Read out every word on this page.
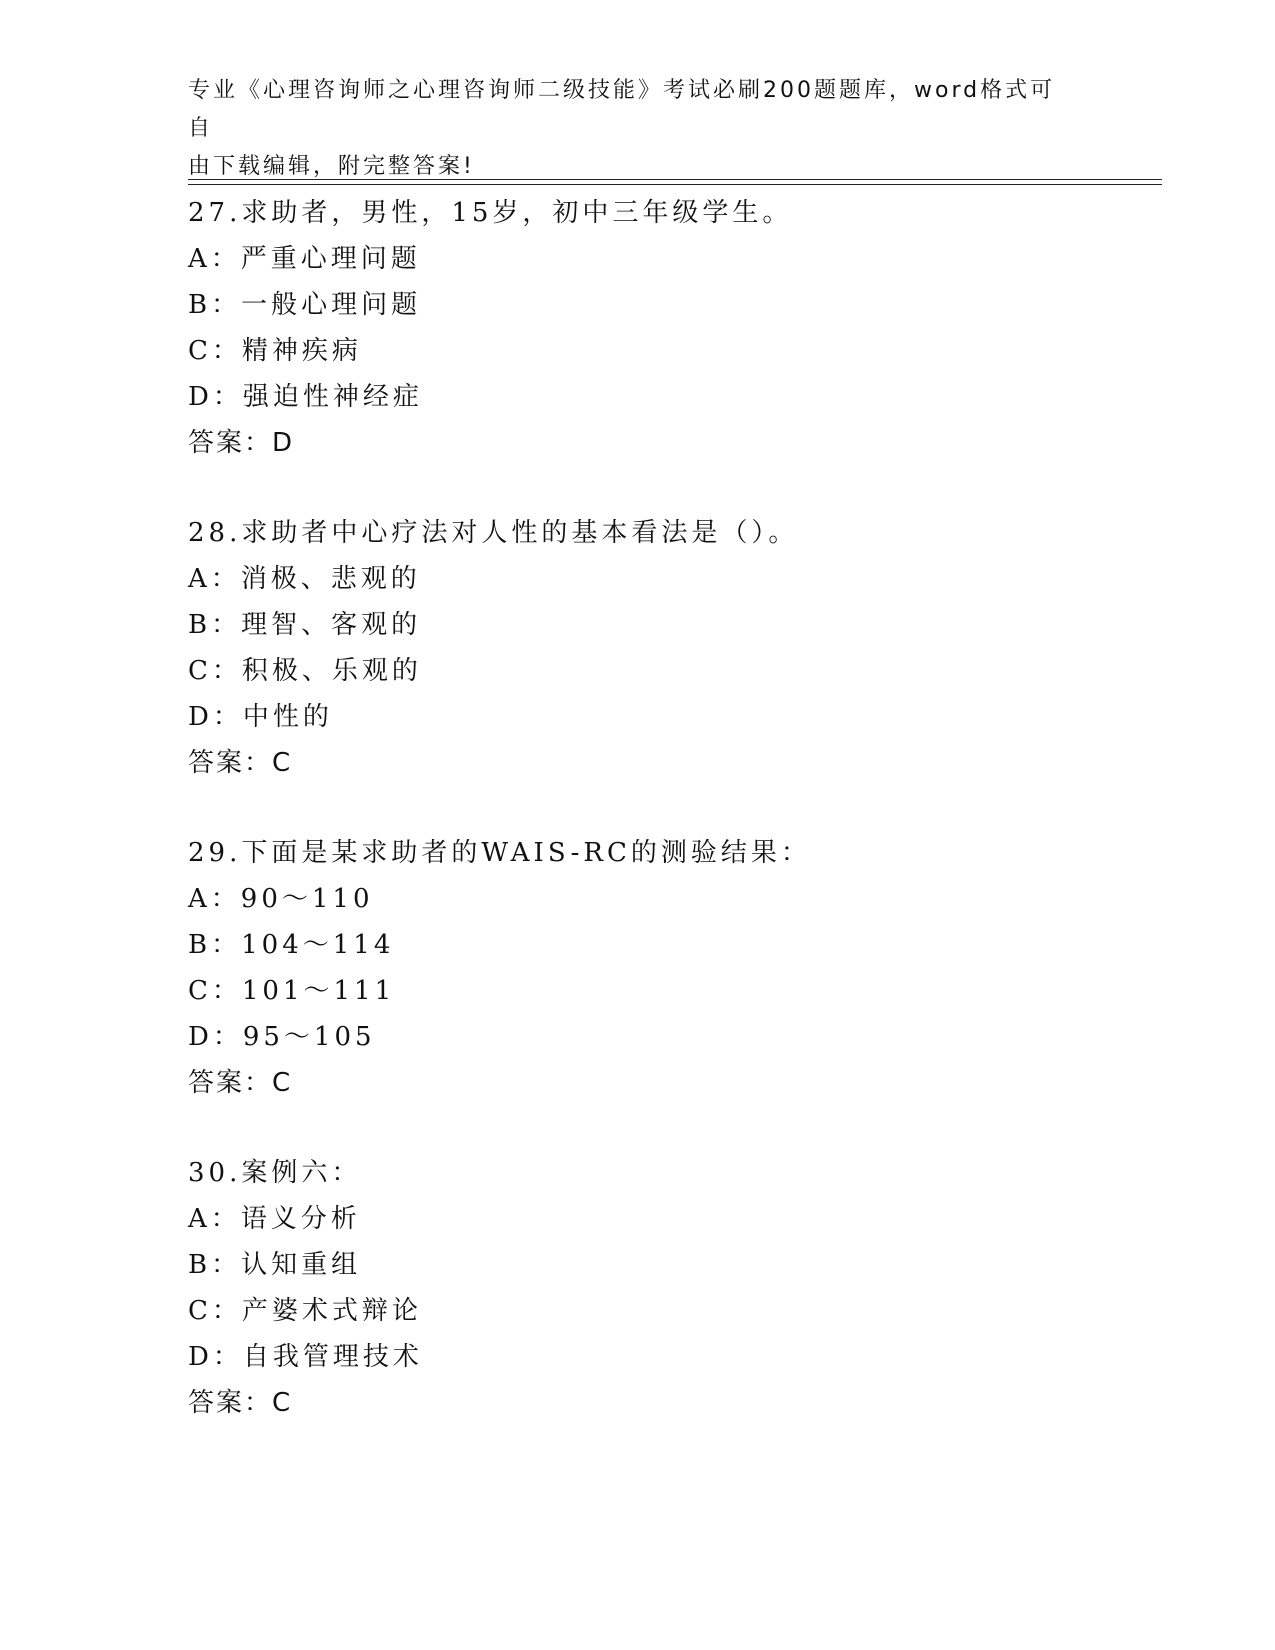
专业《心理咨询师之心理咨询师二级技能》考试必刷200题题库，word格式可自
由下载编辑，附完整答案!
27.求助者，男性，15岁，初中三年级学生。
A：严重心理问题
B：一般心理问题
C：精神疾病
D：强迫性神经症
答案：D
28.求助者中心疗法对人性的基本看法是（）。
A：消极、悲观的
B：理智、客观的
C：积极、乐观的
D：中性的
答案：C
29.下面是某求助者的WAIS-RC的测验结果：
A：90～110
B：104～114
C：101～111
D：95～105
答案：C
30.案例六：
A：语义分析
B：认知重组
C：产婆术式辩论
D：自我管理技术
答案：C
